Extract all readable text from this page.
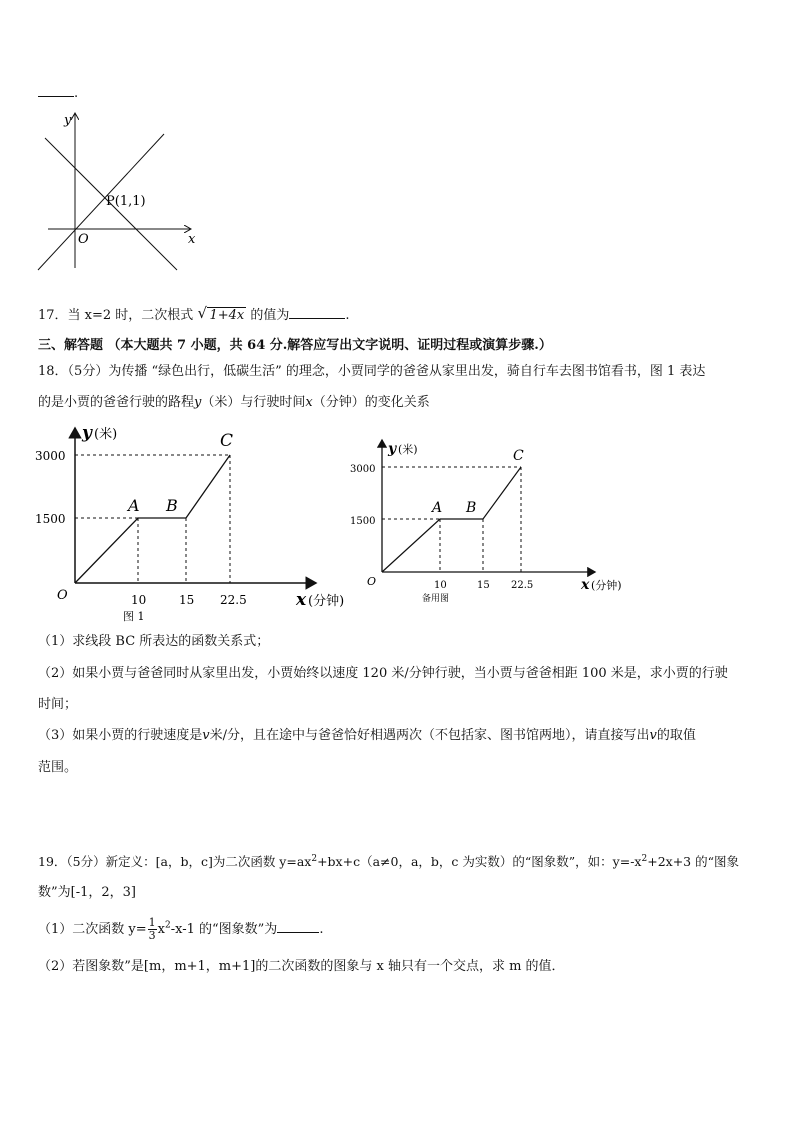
.
y
x
O
P(1,1)
17．当 x=2 时，二次根式 √ 1+4x 的值为	.
三、解答题 （本大题共 7 小题，共 64 分.解答应写出文字说明、证明过程或演算步骤.）
18．（5分）为传播 “绿色出行，低碳生活” 的理念，小贾同学的爸爸从家里出发，骑自行车去图书馆看书，图 1 表达
的是小贾的爸爸行驶的路程y（米）与行驶时间x（分钟）的变化关系
3000
1500
10	15 22.5
O
y (米)
x (分钟)
A B
C
图 1
3000
1500
10	15 22.5
O
y (米)
x (分钟)
A B
C
备用图
（1）求线段 BC 所表达的函数关系式；
（2）如果小贾与爸爸同时从家里出发，小贾始终以速度 120 米/分钟行驶，当小贾与爸爸相距 100 米是，求小贾的行驶
时间；
（3）如果小贾的行驶速度是v米/分，且在途中与爸爸恰好相遇两次（不包括家、图书馆两地），请直接写出v的取值
范围。
19．（5分）新定义：[a，b，c]为二次函数 $y=ax^2+bx+c(a\ne 0$，a，b，c 为实数）的“图象数”，如：$y=-x^2+2x+3$ 的“图象
数”为[-1，2，3]
（1）二次函数 $y= \frac{1}{3} x^2-x-1$ 的“图象数”为	.
（2）若图象数”是[m，m+1，m+1]的二次函数的图象与 x 轴只有一个交点，求 m 的值．
